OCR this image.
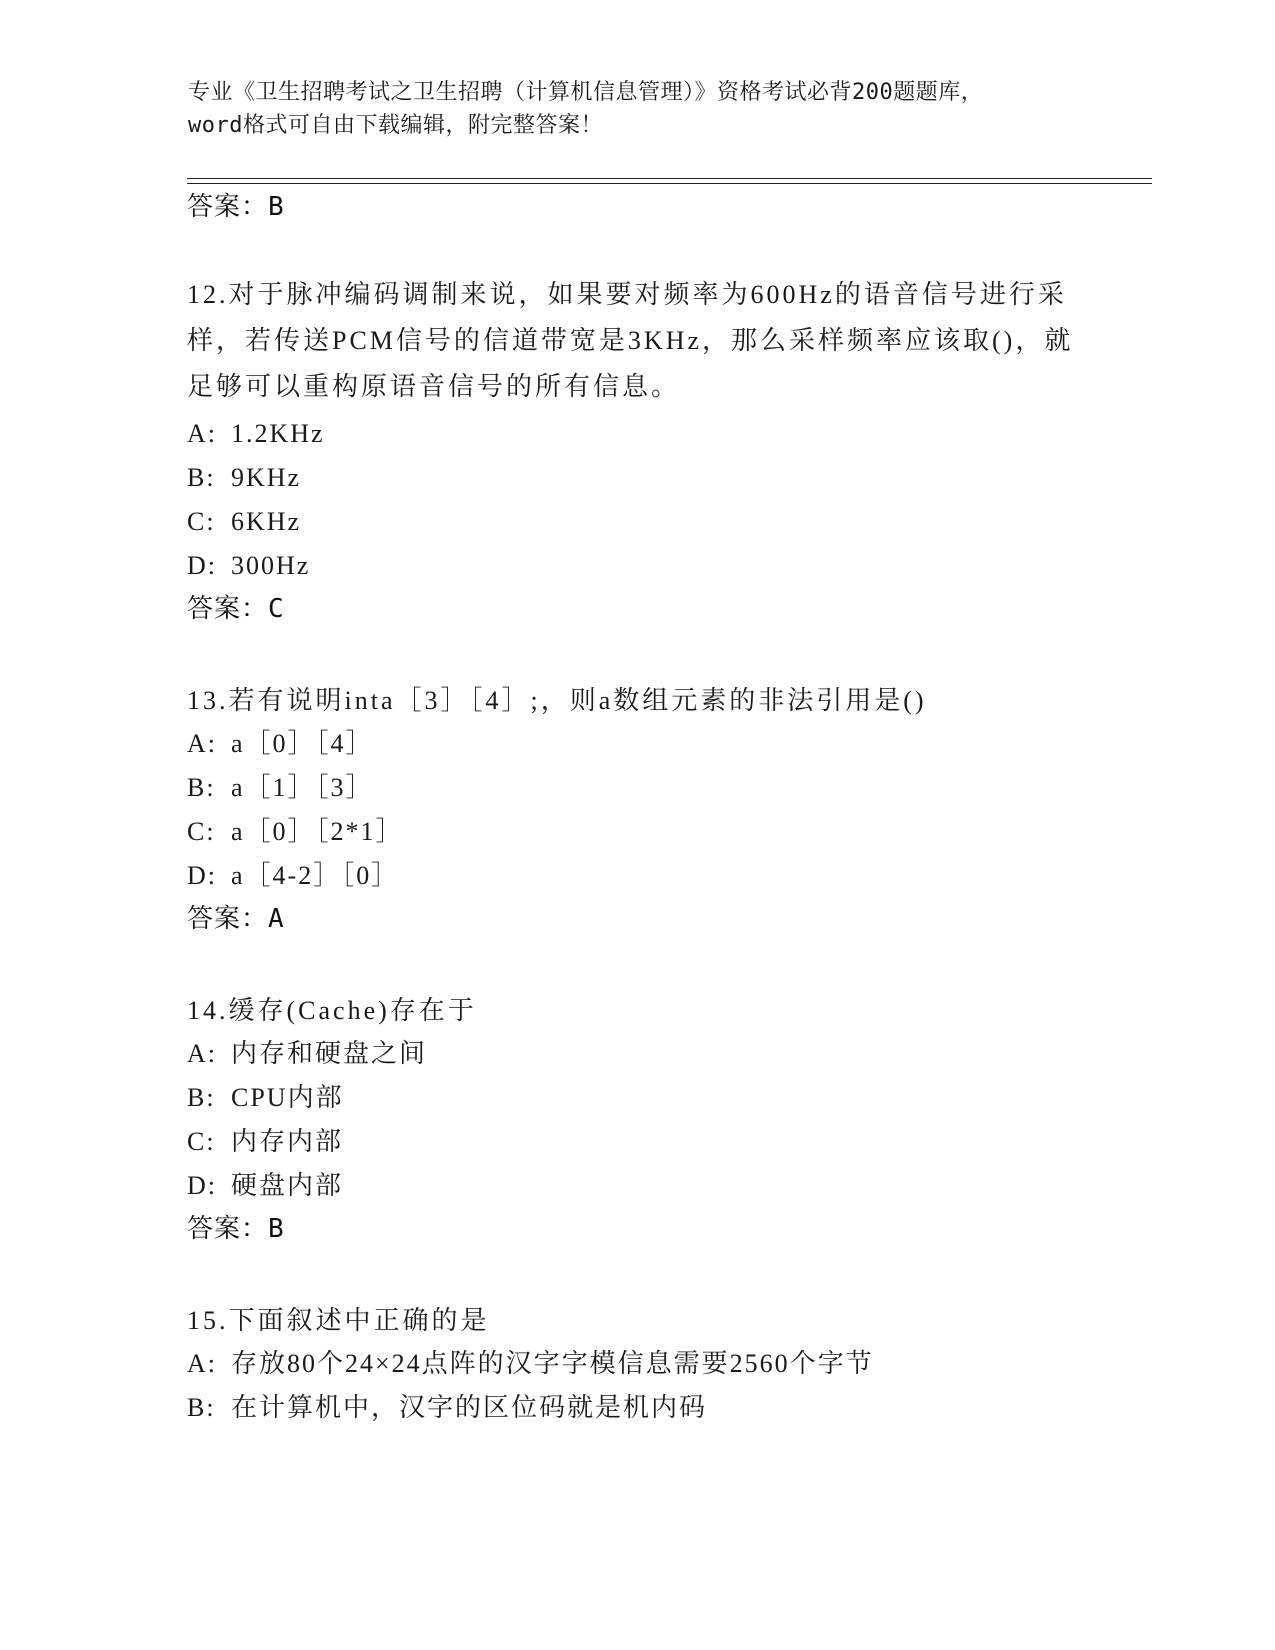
专业《卫生招聘考试之卫生招聘（计算机信息管理）》资格考试必背200题题库，
word格式可自由下载编辑，附完整答案！
答案：B
12.对于脉冲编码调制来说，如果要对频率为600Hz的语音信号进行采
样，若传送PCM信号的信道带宽是3KHz，那么采样频率应该取()，就
足够可以重构原语音信号的所有信息。
A: 1.2KHz
B: 9KHz
C: 6KHz
D: 300Hz
答案：C
13.若有说明inta［3］［4］;，则a数组元素的非法引用是()
A: a［0］［4］
B: a［1］［3］
C: a［0］［2*1］
D: a［4-2］［0］
答案：A
14.缓存(Cache)存在于
A: 内存和硬盘之间
B: CPU内部
C: 内存内部
D: 硬盘内部
答案：B
15.下面叙述中正确的是
A: 存放80个24×24点阵的汉字字模信息需要2560个字节
B: 在计算机中，汉字的区位码就是机内码
